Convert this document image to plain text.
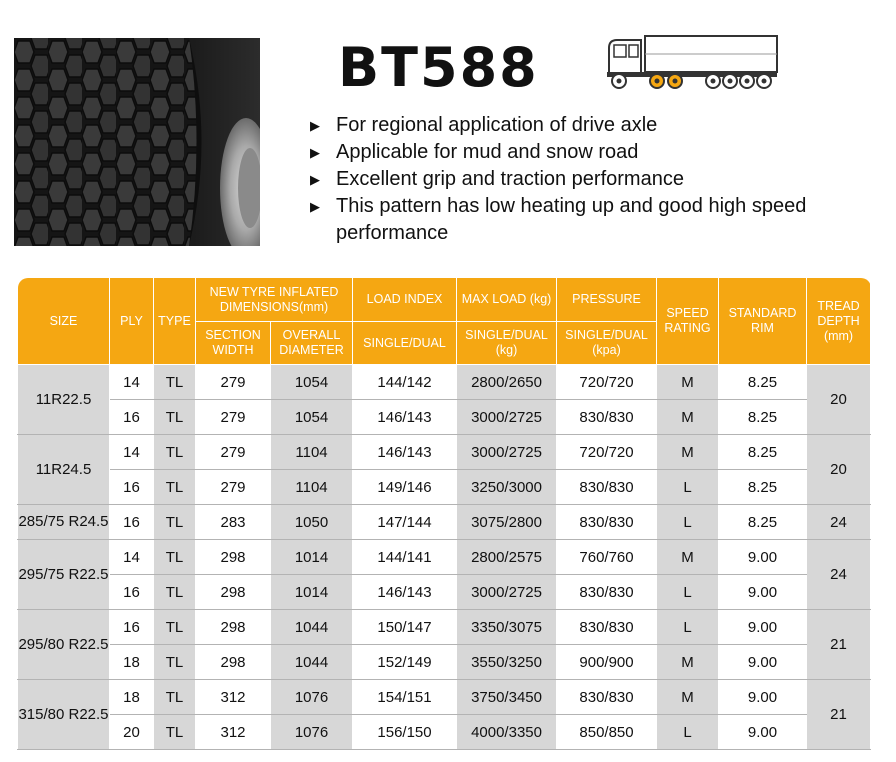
BT588
▶ For regional application of drive axle
▶ Applicable for mud and snow road
▶ Excellent grip and traction performance
▶ This pattern has low heating up and good high speed performance
SIZE	PLY	TYPE	NEW TYRE INFLATED DIMENSIONS(mm)		LOAD INDEX	MAX LOAD (kg)	PRESSURE	SPEED RATING	STANDARD RIM	TREAD DEPTH (mm)
			SECTION WIDTH	OVERALL DIAMETER	SINGLE/DUAL	SINGLE/DUAL (kg)	SINGLE/DUAL (kpa)			
11R22.5	14	TL	279	1054	144/142	2800/2650	720/720	M	8.25	20
	16	TL	279	1054	146/143	3000/2725	830/830	M	8.25	
11R24.5	14	TL	279	1104	146/143	3000/2725	720/720	M	8.25	20
	16	TL	279	1104	149/146	3250/3000	830/830	L	8.25	
285/75 R24.5	16	TL	283	1050	147/144	3075/2800	830/830	L	8.25	24
295/75 R22.5	14	TL	298	1014	144/141	2800/2575	760/760	M	9.00	24
	16	TL	298	1014	146/143	3000/2725	830/830	L	9.00	
295/80 R22.5	16	TL	298	1044	150/147	3350/3075	830/830	L	9.00	21
	18	TL	298	1044	152/149	3550/3250	900/900	M	9.00	
315/80 R22.5	18	TL	312	1076	154/151	3750/3450	830/830	M	9.00	21
	20	TL	312	1076	156/150	4000/3350	850/850	L	9.00	
